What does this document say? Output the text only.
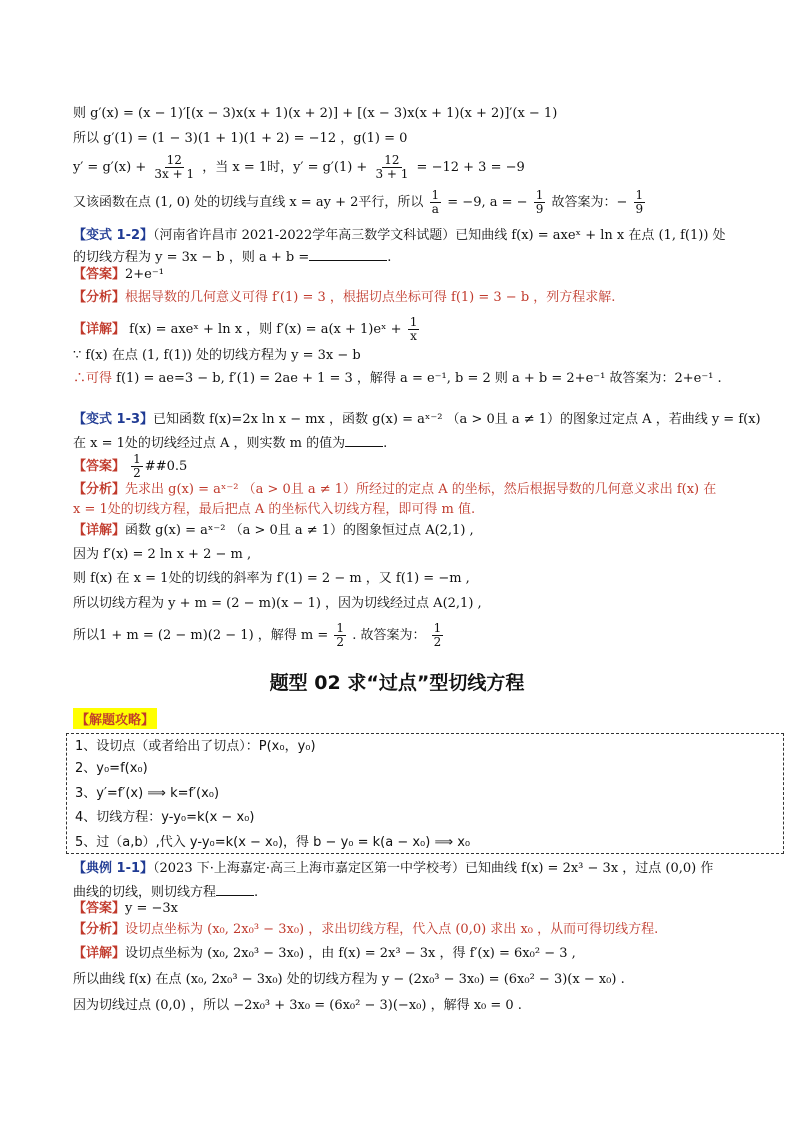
则 g′(x) = (x − 1)′[(x − 3)x(x + 1)(x + 2)] + [(x − 3)x(x + 1)(x + 2)]′(x − 1)
所以 g′(1) = (1 − 3)(1 + 1)(1 + 2) = −12 ，g(1) = 0
$y' = g'(x) + \frac{12}{3x + 1}$ ，当 x = 1时，$y' = g'(1) + \frac{12}{3 + 1} = -12 + 3 = -9$
又该函数在点 (1, 0) 处的切线与直线 x = ay + 2平行，所以 $\frac{1}{a} = -9$, a = − $\frac{1}{9}$ 故答案为：− $\frac{1}{9}$
【变式 1-2】（河南省许昌市 2021-2022学年高三数学文科试题）已知曲线 f(x) = axeˣ + ln x 在点 (1, f(1)) 处
的切线方程为 y = 3x − b ，则 a + b =	.
【答案】2+e⁻¹
【分析】根据导数的几何意义可得 f′(1) = 3 ，根据切点坐标可得 f(1) = 3 − b ，列方程求解.
【详解】 f(x) = axeˣ + ln x ，则 f′(x) = a(x + 1)eˣ + $\frac{1}{x}$
∵ f(x) 在点 (1, f(1)) 处的切线方程为 y = 3x − b
∴可得 f(1) = ae=3 − b, f′(1) = 2ae + 1 = 3 ，解得 a = e⁻¹, b = 2 则 a + b = 2+e⁻¹ 故答案为：2+e⁻¹ .
【变式 1-3】已知函数 f(x)=2x ln x − mx ，函数 g(x) = aˣ⁻² （a > 0且 a ≠ 1）的图象过定点 A ，若曲线 y = f(x)
在 x = 1处的切线经过点 A ，则实数 m 的值为	.
【答案】 $\frac{1}{2}$ ##0.5
【分析】先求出 g(x) = aˣ⁻² （a > 0且 a ≠ 1）所经过的定点 A 的坐标，然后根据导数的几何意义求出 f(x) 在
x = 1处的切线方程，最后把点 A 的坐标代入切线方程，即可得 m 值.
【详解】函数 g(x) = aˣ⁻² （a > 0且 a ≠ 1）的图象恒过点 A(2,1) ,
因为 f′(x) = 2 ln x + 2 − m ,
则 f(x) 在 x = 1处的切线的斜率为 f′(1) = 2 − m ，又 f(1) = −m ,
所以切线方程为 y + m = (2 − m)(x − 1) ，因为切线经过点 A(2,1) ,
所以1 + m = (2 − m)(2 − 1) ，解得 $m = \frac{1}{2}$ . 故答案为： $\frac{1}{2}$
题型 02 求“过点”型切线方程
【解题攻略】
1、设切点（或者给出了切点）：P(x₀，y₀)
2、y₀=f(x₀)
3、y′=f′(x) ⟹ k=f′(x₀)
4、切线方程：y-y₀=k(x − x₀)
5、过（a,b）,代入 y-y₀=k(x − x₀)，得 b − y₀ = k(a − x₀) ⟹ x₀
【典例 1-1】（2023 下·上海嘉定·高三上海市嘉定区第一中学校考）已知曲线 f(x) = 2x³ − 3x ，过点 (0,0) 作
曲线的切线，则切线方程	.
【答案】y = −3x
【分析】设切点坐标为 (x₀, 2x₀³ − 3x₀) ，求出切线方程，代入点 (0,0) 求出 x₀ ，从而可得切线方程.
【详解】设切点坐标为 (x₀, 2x₀³ − 3x₀) ，由 f(x) = 2x³ − 3x ，得 f′(x) = 6x₀² − 3 ,
所以曲线 f(x) 在点 (x₀, 2x₀³ − 3x₀) 处的切线方程为 y − (2x₀³ − 3x₀) = (6x₀² − 3)(x − x₀) .
因为切线过点 (0,0) ，所以 −2x₀³ + 3x₀ = (6x₀² − 3)(−x₀) ，解得 x₀ = 0 .
